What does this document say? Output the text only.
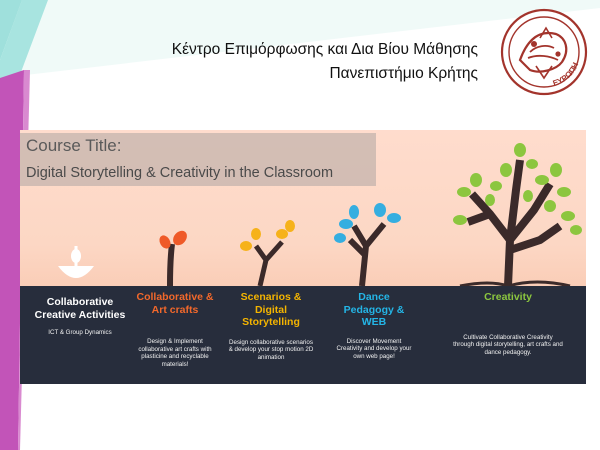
Κέντρο Επιμόρφωσης και Δια Βίου Μάθησης
Πανεπιστήμιο Κρήτης
ΕΥΡΩΠΗ
Course Title:
Digital Storytelling & Creativity in the Classroom
Collaborative Creative Activities
ICT & Group Dynamics
Collaborative & Art crafts
Design & Implement collaborative art crafts with plasticine and recyclable materials!
Scenarios & Digital Storytelling
Design collaborative scenarios & develop your stop motion 2D animation
Dance Pedagogy & WEB
Discover Movement Creativity and develop your own web page!
Creativity
Cultivate Collaborative Creativity through digital storytelling, art crafts and dance pedagogy.
